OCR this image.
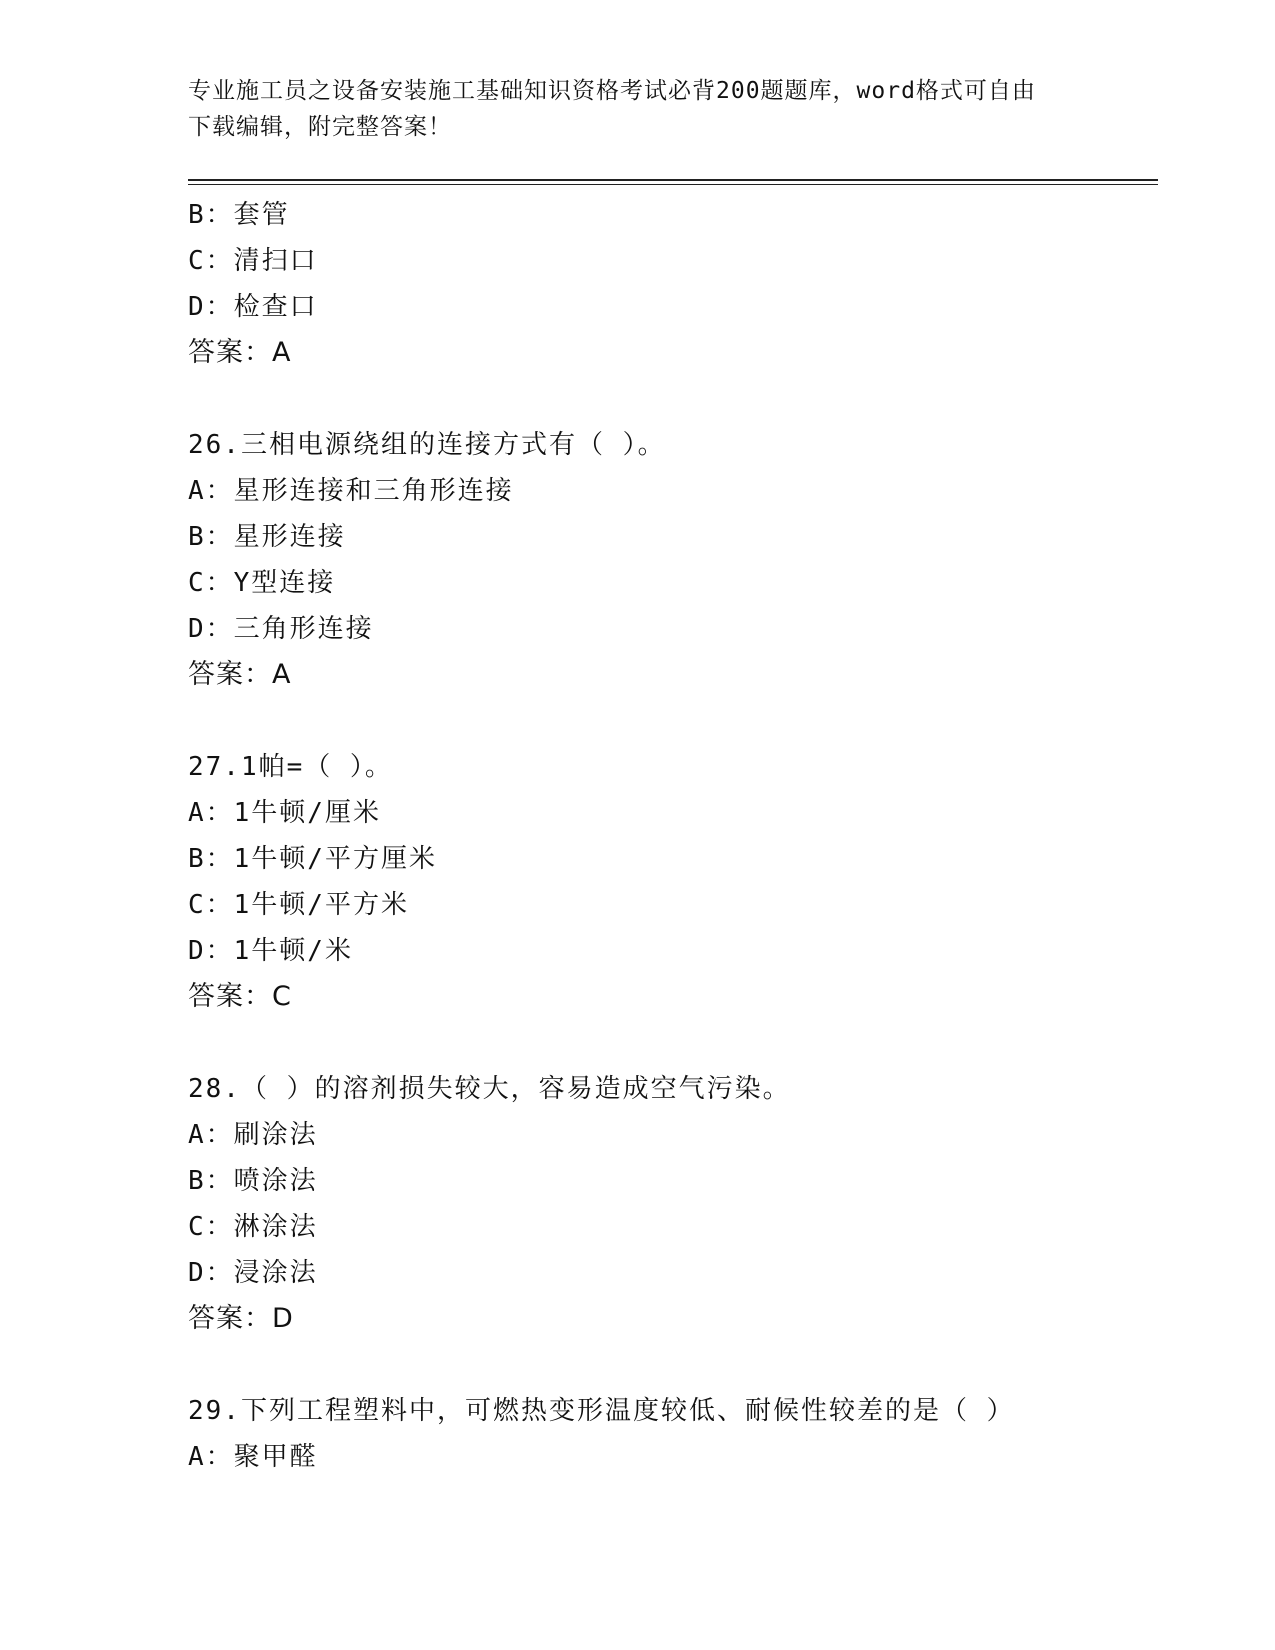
专业施工员之设备安装施工基础知识资格考试必背200题题库，word格式可自由
下载编辑，附完整答案！
B：套管
C：清扫口
D：检查口
答案：A
26.三相电源绕组的连接方式有（ ）。
A：星形连接和三角形连接
B：星形连接
C：Y型连接
D：三角形连接
答案：A
27.1帕=（ ）。
A：1牛顿/厘米
B：1牛顿/平方厘米
C：1牛顿/平方米
D：1牛顿/米
答案：C
28.（ ）的溶剂损失较大，容易造成空气污染。
A：刷涂法
B：喷涂法
C：淋涂法
D：浸涂法
答案：D
29.下列工程塑料中，可燃热变形温度较低、耐候性较差的是（ ）
A：聚甲醛
